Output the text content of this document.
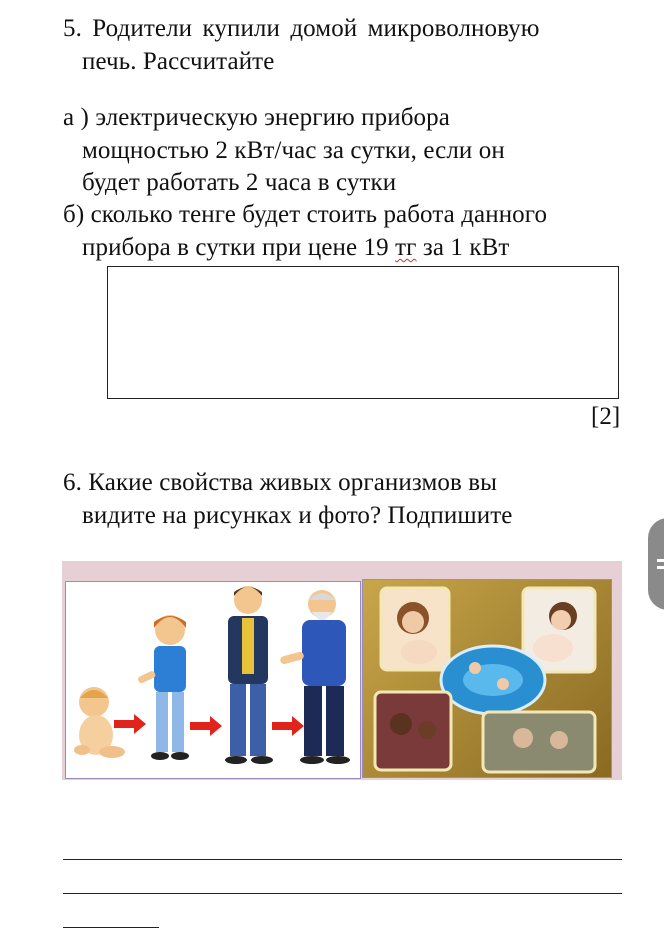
5. Родители купили домой микроволновую
печь. Рассчитайте
а ) электрическую энергию прибора
мощностью 2 кВт/час за сутки, если он
будет работать 2 часа в сутки
б) сколько тенге будет стоить работа данного
прибора в сутки при цене 19 тг за 1 кВт
[2]
6. Какие свойства живых организмов вы
видите на рисунках и фото? Подпишите
